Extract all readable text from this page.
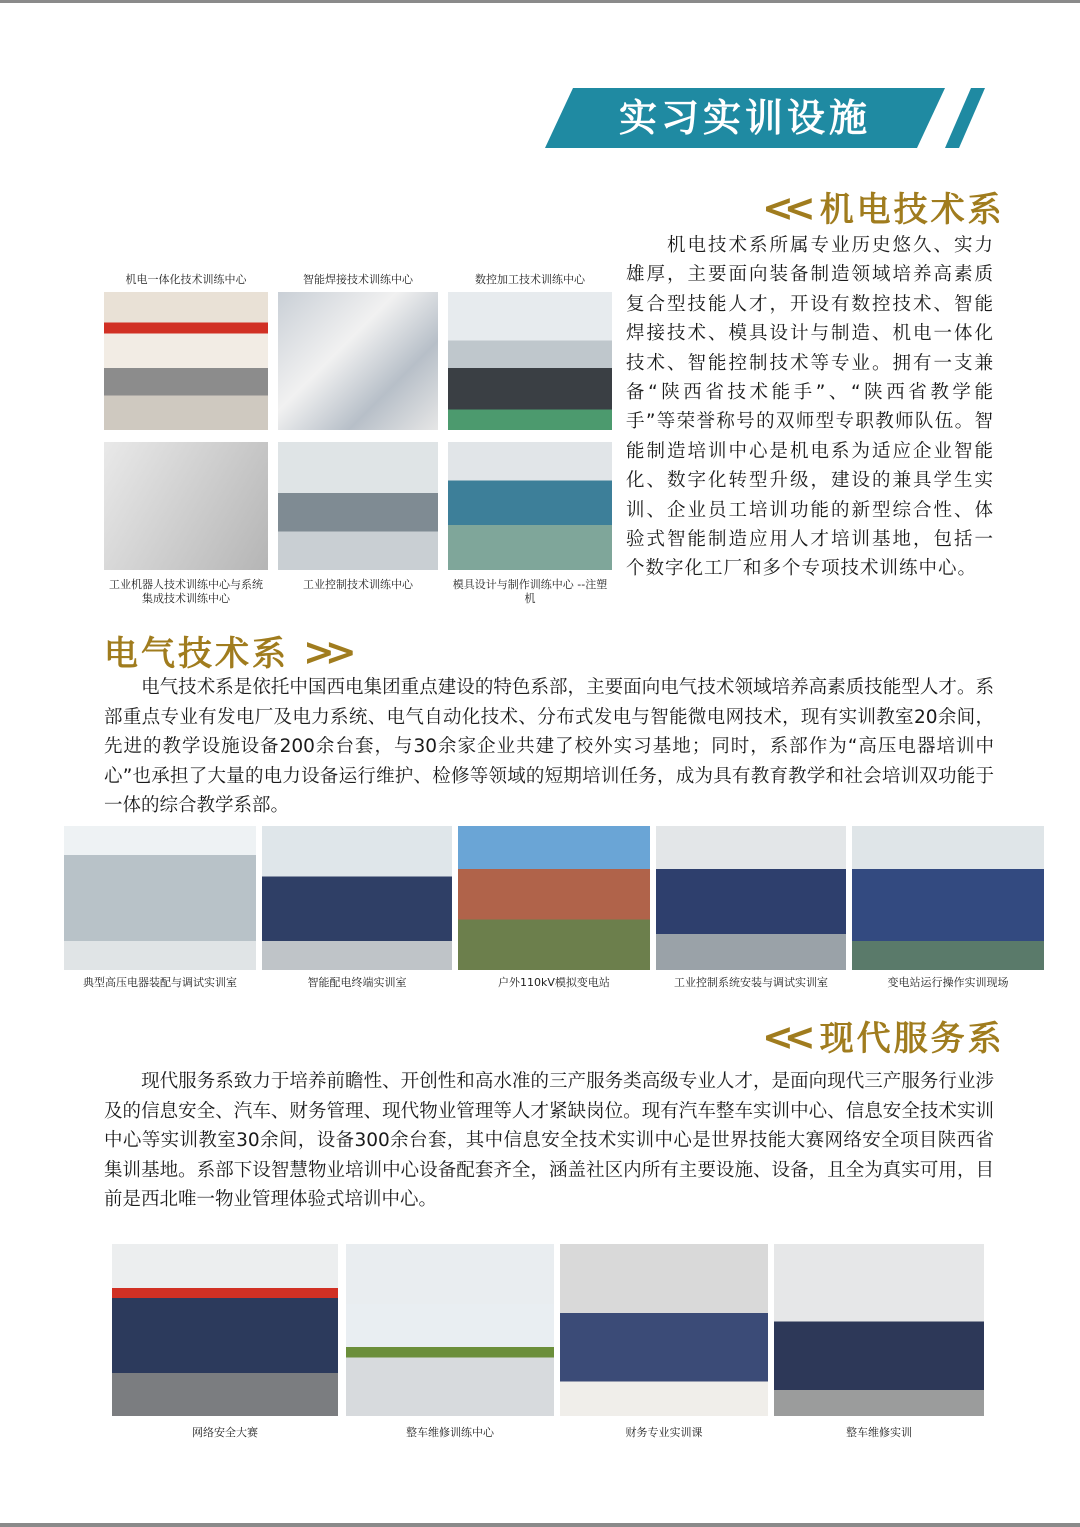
实习实训设施
<< 机电技术系
　　机电技术系所属专业历史悠久、实力雄厚，主要面向装备制造领域培养高素质复合型技能人才，开设有数控技术、智能焊接技术、模具设计与制造、机电一体化技术、智能控制技术等专业。拥有一支兼备“陕西省技术能手”、“陕西省教学能手”等荣誉称号的双师型专职教师队伍。智能制造培训中心是机电系为适应企业智能化、数字化转型升级，建设的兼具学生实训、企业员工培训功能的新型综合性、体验式智能制造应用人才培训基地，包括一个数字化工厂和多个专项技术训练中心。
机电一体化技术训练中心	智能焊接技术训练中心	数控加工技术训练中心
工业机器人技术训练中心与系统集成技术训练中心
工业控制技术训练中心	模具设计与制作训练中心 --注塑机
电气技术系 >>
　　电气技术系是依托中国西电集团重点建设的特色系部，主要面向电气技术领域培养高素质技能型人才。系部重点专业有发电厂及电力系统、电气自动化技术、分布式发电与智能微电网技术，现有实训教室20余间，先进的教学设施设备200余台套，与30余家企业共建了校外实习基地；同时，系部作为“高压电器培训中心”也承担了大量的电力设备运行维护、检修等领域的短期培训任务，成为具有教育教学和社会培训双功能于一体的综合教学系部。
典型高压电器装配与调试实训室	智能配电终端实训室	户外110kV模拟变电站	工业控制系统安装与调试实训室	变电站运行操作实训现场
<< 现代服务系
　　现代服务系致力于培养前瞻性、开创性和高水准的三产服务类高级专业人才，是面向现代三产服务行业涉及的信息安全、汽车、财务管理、现代物业管理等人才紧缺岗位。现有汽车整车实训中心、信息安全技术实训中心等实训教室30余间，设备300余台套，其中信息安全技术实训中心是世界技能大赛网络安全项目陕西省集训基地。系部下设智慧物业培训中心设备配套齐全，涵盖社区内所有主要设施、设备，且全为真实可用，目前是西北唯一物业管理体验式培训中心。
网络安全大赛	整车维修训练中心	财务专业实训课	整车维修实训
